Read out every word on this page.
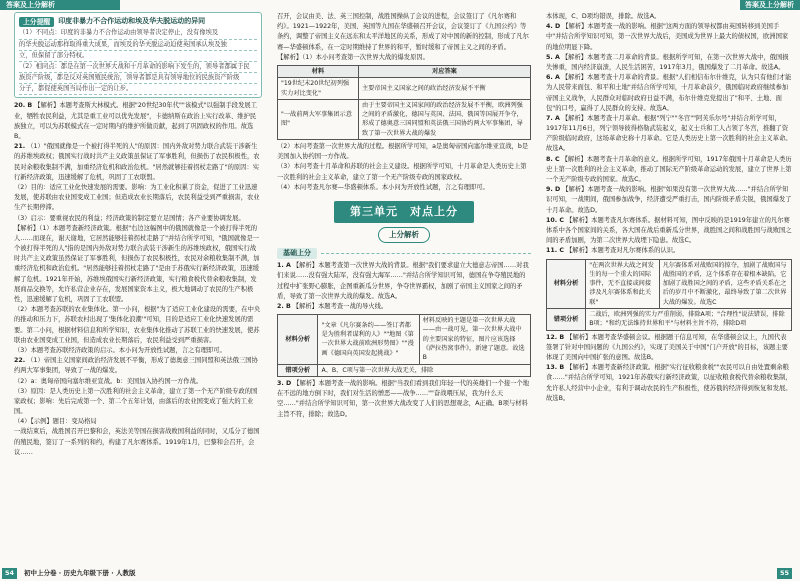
答案及上分解析	答案及上分解析
上分提醒	印度非暴力不合作运动和埃及华夫脱运动的异同
（1）不同点：印度的非暴力不合作运动由领导者决定停止，没有像埃及
的华夫脱运动那样取得重大成果，而埃及的华夫脱运动迫使英国承认埃及独
立，但保留了部分特权。
（2）相同点：都是在第一次世界大战和十月革命的影响下发生的，领导者都属于民
族资产阶级，都是反对英国殖民统治，领导者都是具有领导地位的民族资产阶级
分子，都促使英国当局作出一定的让步。

20. B 【解析】本题考查斯大林模式。根据"20世纪30年代""该模式"以强制手段发展工业，牺牲农民利益，尤其是重工业可以优先发展"，卡德纳斯在政治上实行改革、维护民族独立，可以为苏联模式在一定时期内的维护所做贡献，起到了巩固政权的作用。故选B。

21. （1）"俄国就像是一个被打得半死的人"的原因：国内外敌对势力联合武装干涉新生的苏维埃政权；俄国实行战时共产主义政策虽保证了军事胜利，但损伤了农民积极性，农民对余粮收集制不满，加重经济危机和政治危机。"居然就够挂着拐杖走路了"的原因：实行新经济政策，迅速缓解了危机，巩固了工农联盟。

（2）目的：适应工业化快速发展的需要。影响：为工业化积累了资金，促进了工业迅速发展，使苏联由农业国变成工业国；但造成农业长期落后，农民利益受到严重损害，农业生产长期停滞。

（3）启示：要重视农民的利益；经济政策的制定要立足国情；各产业要协调发展。

【解析】（1）本题考查新经济政策。根据"右边这幅图中的俄国就像是一个被打得半死的人……而现在，谢天谢地，它居然能够挂着拐杖走路了"并结合所学可知，"俄国就像是一个被打得半死的人"指的是国内外敌对势力联合武装干涉新生的苏维埃政权，俄国实行战时共产主义政策虽然保证了军事胜利，但损伤了农民积极性，农民对余粮收集制不满，加重经济危机和政治危机。"居然能够挂着拐杖走路了"是由于苏俄实行新经济政策，迅速缓解了危机。1921年开始，苏维埃俄国实行新经济政策，实行粮食税代替余粮收集制，发展商品交换等，允许私营企业存在，发展国家资本主义，极大地调动了农民的生产积极性，迅速缓解了危机，巩固了工农联盟。

（2）本题考查苏联的农业集体化。第一小问，根据"为了适应工业化建设的需要，在中央的推动和压力下，苏联农村出现了'集体化浪潮'"可知，目的是适应工业化快速发展的需要。第二小问，根据材料信息和所学知识，农业集体化推动了苏联工业的快速发展，使苏联由农业国变成工业国，但造成农业长期落后，农民利益受到严重损害。

（3）本题考查苏联经济政策的启示。本小问为开放性试题，言之有理即可。

22. （1）帝国主义国家间政治经济发展不平衡，形成了德奥意三国同盟和英法俄三国协约两大军事集团，导致了一战的爆发。

（2）a：奥匈帝国向塞尔维亚宣战。b：美国加入协约国一方作战。

（3）原因：是人类历史上第一次胜利的社会主义革命，建立了第一个无产阶级专政的国家政权；影响：先后完成第一个、第二个五年计划，由落后的农业国变成了强大的工业国。

（4）【示例】题目：变局格局

一战结束后，战胜国召开巴黎和会，英法美等国在损害战败国利益的同时，又瓜分了德国的殖民地，签订了一系列的和约，构建了凡尔赛体系。1919年1月，巴黎和会召开，会议……

召开，会议由美、法、英三国控制，战胜国操纵了会议的进程，会议签订了《凡尔赛和约》。1921—1922年，美国、英国等九国在华盛顿召开会议，会议签订了《九国公约》等条约，调整了帝国主义在远东和太平洋地区的关系，形成了对中国的新的控制，形成了凡尔赛—华盛顿体系，在一定时期维持了世界的和平，暂时缓和了帝国主义之间的矛盾。

【解析】（1）本小问考查第一次世界大战的爆发原因。

材料	对应答案
"19世纪末20世纪初列强实力对比变化"	主要帝国主义国家之间的政治经济发展不平衡
"一战前两大军事集团示意图"	由于主要帝国主义国家间的政治经济发展不平衡，欧洲列强之间的矛盾激化，德国与英国、法国、俄国等国展开争夺，形成了德奥意三国同盟和英法俄三国协约两大军事集团，导致了第一次世界大战的爆发

（2）本问考查第一次世界大战的过程。根据所学可知，a是奥匈帝国向塞尔维亚宣战，b是美国加入协约国一方作战。

（3）本问考查十月革命和苏联的社会主义建设。根据所学可知，十月革命是人类历史上第一次胜利的社会主义革命，建立了第一个无产阶级专政的国家政权。

（4）本问考查凡尔赛—华盛顿体系。本小问为开放性试题，言之有理即可。

第三单元　对点上分
上分解析
基础上分

1. A 【解析】本题考查第一次世界大战的背景。根据"我们要求建立大德意志帝国……对我们来说……没有强大陆军，没有强大海军……"并结合所学知识可知，德国在争夺殖民地的过程中扩张野心膨胀，企图重新瓜分世界，争夺世界霸权，加剧了帝国主义国家之间的矛盾，导致了第一次世界大战的爆发。故选A。

2. B 【解析】本题考查一战的导火线。

材料分析	"文章《凡尔赛条约——签订者都是为胜利者谋利的人》""地图《第一次世界大战前欧洲形势图》""漫画《德国向英国发起挑战》"	材料反映的主题是第一次世界大战——由一战可见，第一次世界大战中的主要国家的特征，图片应该选择《萨拉热窝事件》，新建了题意。故选B
错项分析	A、B、C项与第一次世界大战无关，排除	

3. D 【解析】本题考查一战的影响。根据"当我们看到我们年轻一代的英雄们一个接一个地在不远的地方倒下时，我们对生活的憎恶——战争……""奋战喂压尿，我为什么天空……"并结合所学知识可知，第一次世界大战改变了人们的思想观念，A正确。B项与材料主旨不符，排除；故选D。

本体现，C、D项均错误，排除。故选A。

4. D 【解析】本题考查一战的影响。根据"这两方面的领导权都由英国转移到美国手中"并结合所学知识可知，第一次世界大战后，美国成为世界上最大的债权国，欧洲国家的地位明显下降。

5. A 【解析】本题考查二月革命的背景。根据所学可知，在第一次世界大战中，俄国损失惨重，国内经济崩溃，人民生活困苦，1917年3月，俄国爆发了二月革命。故选A。

6. A 【解析】本题考查十月革命的背景。根据"人们相信布尔什维克，认为只有他们才能为人民带来面包、和平和土地"并结合所学可知，十月革命前夕，俄国临时政府继续参加帝国主义战争，人民群众对临时政府日益不满，布尔什维克党提出了"和平、土地、面包"的口号，赢得了人民群众的支持。故选A。

7. A 【解析】本题考查十月革命。根据"列宁""冬宫""阿芙乐尔号"并结合所学可知，1917年11月6日，列宁领导彼得格勒武装起义，起义士兵和工人占领了冬宫，推翻了资产阶级临时政府，这场革命史称十月革命。它是人类历史上第一次胜利的社会主义革命。故选A。

8. C 【解析】本题考查十月革命的意义。根据所学可知，1917年俄国十月革命是人类历史上第一次胜利的社会主义革命，推动了国际无产阶级革命运动的发展，建立了世界上第一个无产阶级专政的国家。故选C。

9. D 【解析】本题考查一战的影响。根据"如果没有第一次世界大战……"并结合所学知识可知，一战期间，俄国参加战争，经济遭受严重打击，国内阶级矛盾尖锐，俄国爆发了十月革命。故选D。

10. C 【解析】本题考查凡尔赛体系。据材料可知，图中反映的是1919年建立的凡尔赛体系中各个国家间的关系，各大国在战后重新瓜分世界，战胜国之间和战胜国与战败国之间的矛盾加剧，为第二次世界大战埋下隐患。故选C。

11. C 【解析】本题考查对凡尔赛体系的认识。

材料分析	"在两次世界大战之间发生的每一个重大的国际事件，无不直接或间接涉及凡尔赛体系和此关联"	凡尔赛体系对战败国的掠夺，加剧了战败国与战胜国的矛盾，这个体系存在着根本缺陷，它加剧了战胜国之间的矛盾，这些矛盾关系在之后的岁月中不断激化，最终导致了第二次世界大战的爆发。故选C
错项分析	二战后，欧洲列强的实力严重削弱，排除A项；"合理性"说法错误，排除B项；"和约无法维持世界和平"与材料主旨不符，排除D项	

12. B 【解析】本题考查华盛顿会议。根据题干信息可知，在华盛顿会议上，九国代表签署了针对中国问题的《九国公约》，实现了美国关于中国"门户开放"的目标，该题主要体现了美国向中国扩张的意图。故选B。

13. B 【解析】本题考查新经济政策。根据"实行征收粮食税""农民可以自由处置剩余粮食……"并结合所学可知，1921年苏俄实行新经济政策，以征收粮食税代替余粮收集制，允许私人经营中小企业，有利于调动农民的生产积极性，使苏俄的经济得到恢复和发展。故选B。

54	初中上分卷 · 历史九年级下册 · 人教版	55
